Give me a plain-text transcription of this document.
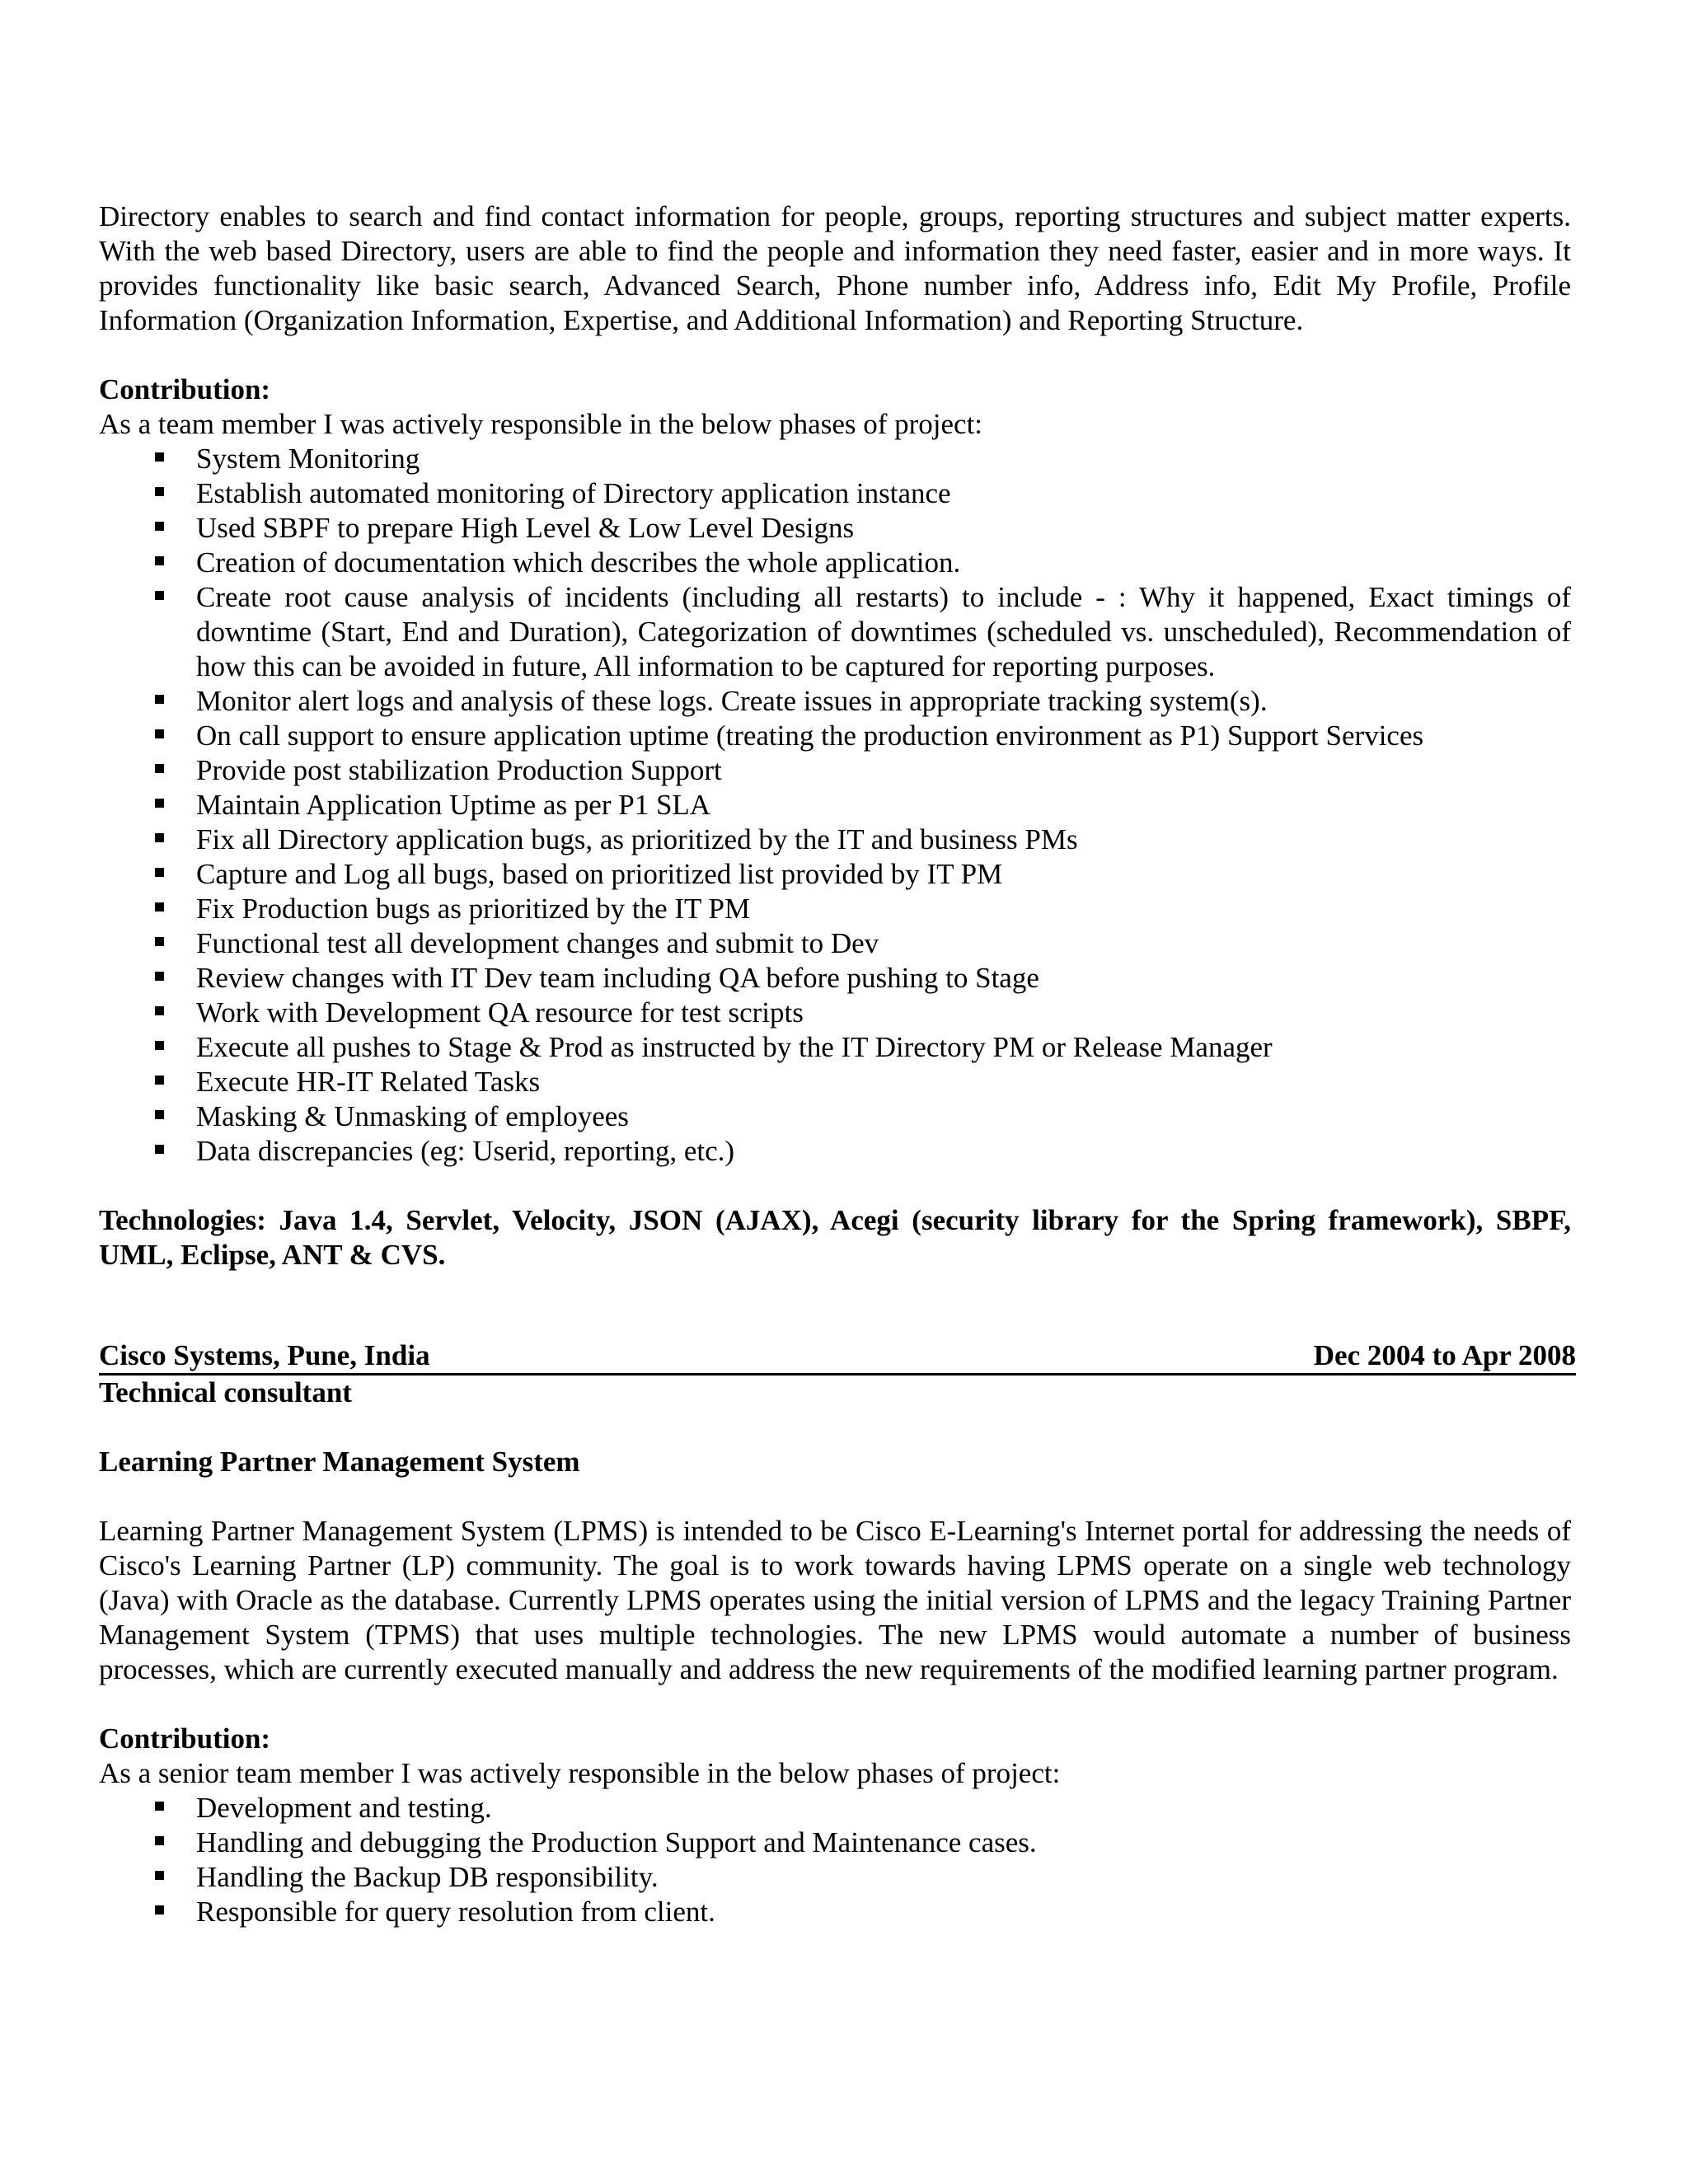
Directory enables to search and find contact information for people, groups, reporting structures and subject matter experts. With the web based Directory, users are able to find the people and information they need faster, easier and in more ways. It provides functionality like basic search, Advanced Search, Phone number info, Address info, Edit My Profile, Profile Information (Organization Information, Expertise, and Additional Information) and Reporting Structure.

Contribution:

As a team member I was actively responsible in the below phases of project:

System Monitoring
Establish automated monitoring of Directory application instance
Used SBPF to prepare High Level & Low Level Designs
Creation of documentation which describes the whole application.
Create root cause analysis of incidents (including all restarts) to include - : Why it happened, Exact timings of downtime (Start, End and Duration), Categorization of downtimes (scheduled vs. unscheduled), Recommendation of how this can be avoided in future, All information to be captured for reporting purposes.
Monitor alert logs and analysis of these logs. Create issues in appropriate tracking system(s).
On call support to ensure application uptime (treating the production environment as P1) Support Services
Provide post stabilization Production Support
Maintain Application Uptime as per P1 SLA
Fix all Directory application bugs, as prioritized by the IT and business PMs
Capture and Log all bugs, based on prioritized list provided by IT PM
Fix Production bugs as prioritized by the IT PM
Functional test all development changes and submit to Dev
Review changes with IT Dev team including QA before pushing to Stage
Work with Development QA resource for test scripts
Execute all pushes to Stage & Prod as instructed by the IT Directory PM or Release Manager
Execute HR-IT Related Tasks
Masking & Unmasking of employees
Data discrepancies (eg: Userid, reporting, etc.)

Technologies: Java 1.4, Servlet, Velocity, JSON (AJAX), Acegi (security library for the Spring framework), SBPF, UML, Eclipse, ANT & CVS.

Cisco Systems, Pune, India	Dec 2004 to Apr 2008

Technical consultant

Learning Partner Management System

Learning Partner Management System (LPMS) is intended to be Cisco E-Learning's Internet portal for addressing the needs of Cisco's Learning Partner (LP) community. The goal is to work towards having LPMS operate on a single web technology (Java) with Oracle as the database. Currently LPMS operates using the initial version of LPMS and the legacy Training Partner Management System (TPMS) that uses multiple technologies. The new LPMS would automate a number of business processes, which are currently executed manually and address the new requirements of the modified learning partner program.

Contribution:

As a senior team member I was actively responsible in the below phases of project:

Development and testing.
Handling and debugging the Production Support and Maintenance cases.
Handling the Backup DB responsibility.
Responsible for query resolution from client.
